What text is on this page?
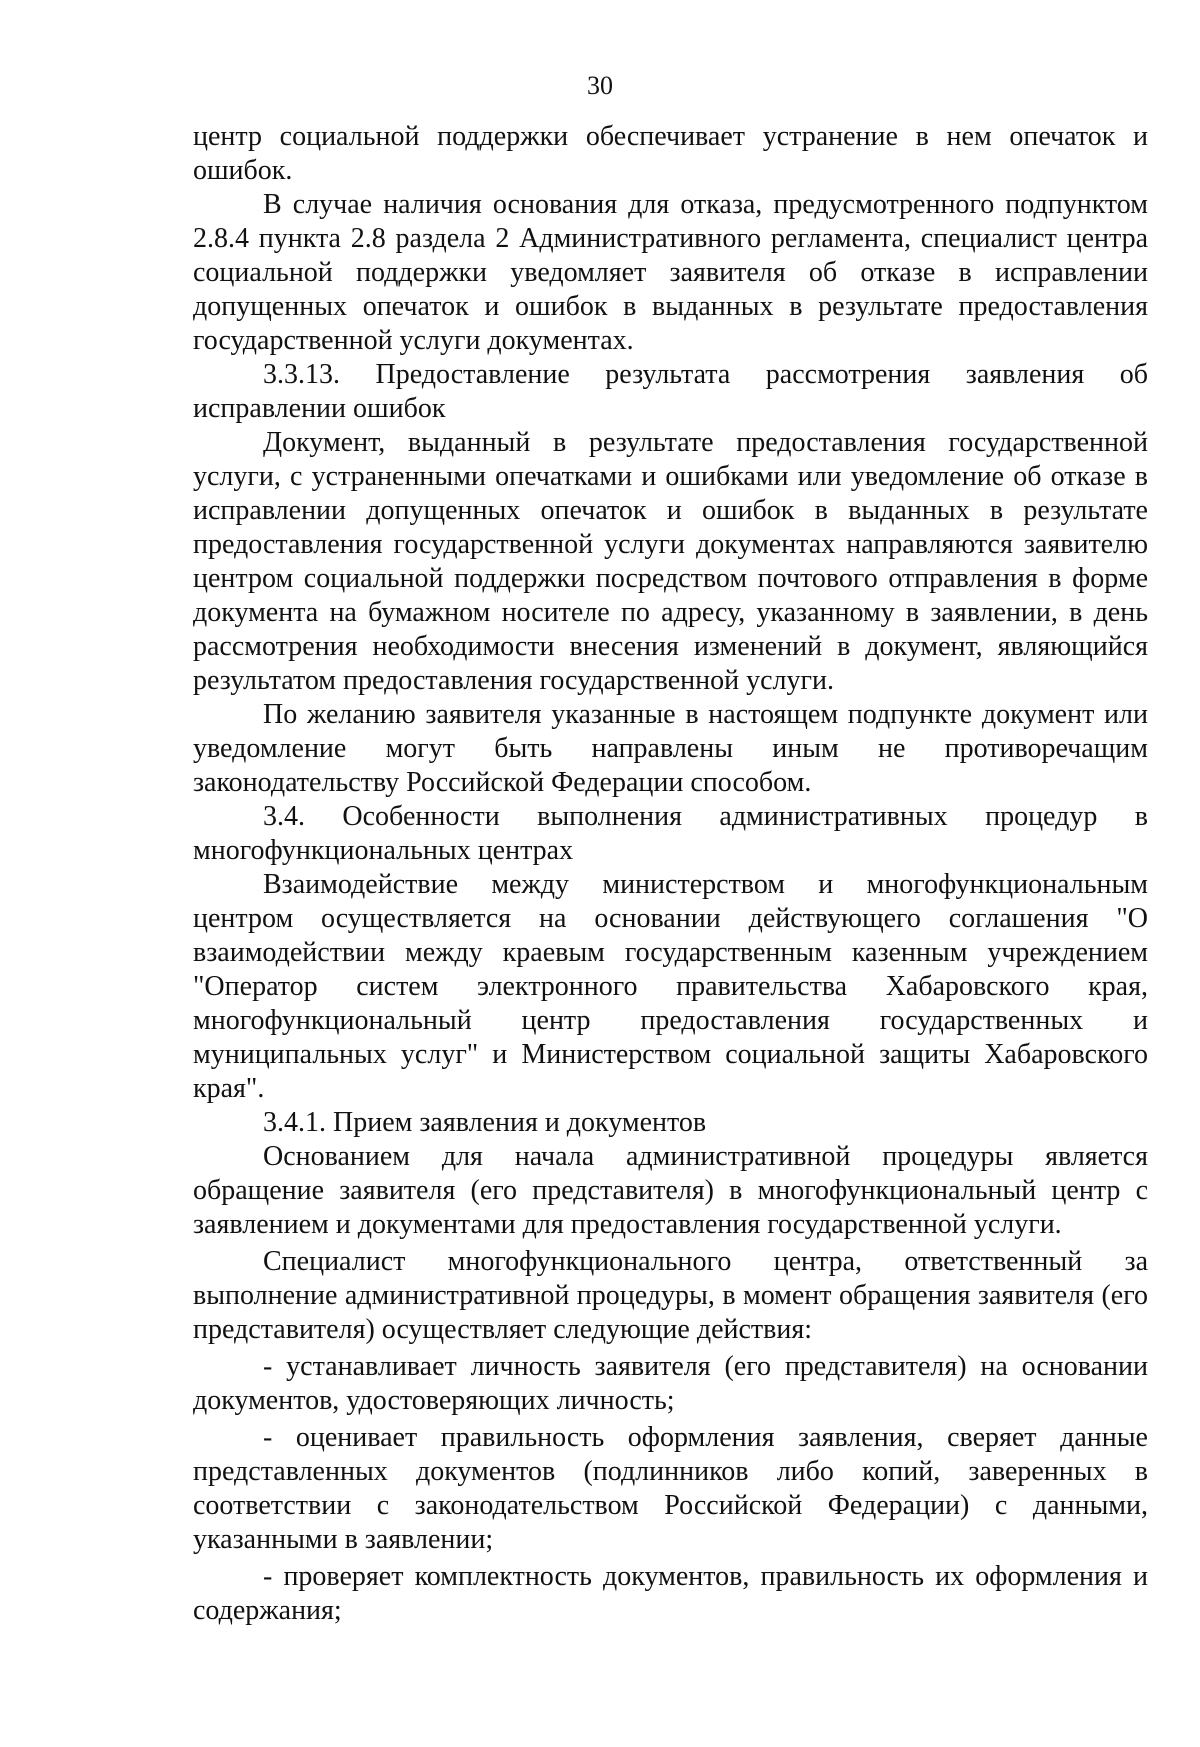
30

центр социальной поддержки обеспечивает устранение в нем опечаток и ошибок.

В случае наличия основания для отказа, предусмотренного подпунктом 2.8.4 пункта 2.8 раздела 2 Административного регламента, специалист центра социальной поддержки уведомляет заявителя об отказе в исправлении допущенных опечаток и ошибок в выданных в результате предоставления государственной услуги документах.

3.3.13. Предоставление результата рассмотрения заявления об исправлении ошибок

Документ, выданный в результате предоставления государственной услуги, с устраненными опечатками и ошибками или уведомление об отказе в исправлении допущенных опечаток и ошибок в выданных в результате предоставления государственной услуги документах направляются заявителю центром социальной поддержки посредством почтового отправления в форме документа на бумажном носителе по адресу, указанному в заявлении, в день рассмотрения необходимости внесения изменений в документ, являющийся результатом предоставления государственной услуги.

По желанию заявителя указанные в настоящем подпункте документ или уведомление могут быть направлены иным не противоречащим законодательству Российской Федерации способом.

3.4. Особенности выполнения административных процедур в многофункциональных центрах

Взаимодействие между министерством и многофункциональным центром осуществляется на основании действующего соглашения "О взаимодействии между краевым государственным казенным учреждением "Оператор систем электронного правительства Хабаровского края, многофункциональный центр предоставления государственных и муниципальных услуг" и Министерством социальной защиты Хабаровского края".

3.4.1. Прием заявления и документов

Основанием для начала административной процедуры является обращение заявителя (его представителя) в многофункциональный центр с заявлением и документами для предоставления государственной услуги.

Специалист многофункционального центра, ответственный за выполнение административной процедуры, в момент обращения заявителя (его представителя) осуществляет следующие действия:

- устанавливает личность заявителя (его представителя) на основании документов, удостоверяющих личность;

- оценивает правильность оформления заявления, сверяет данные представленных документов (подлинников либо копий, заверенных в соответствии с законодательством Российской Федерации) с данными, указанными в заявлении;

- проверяет комплектность документов, правильность их оформления и содержания;
